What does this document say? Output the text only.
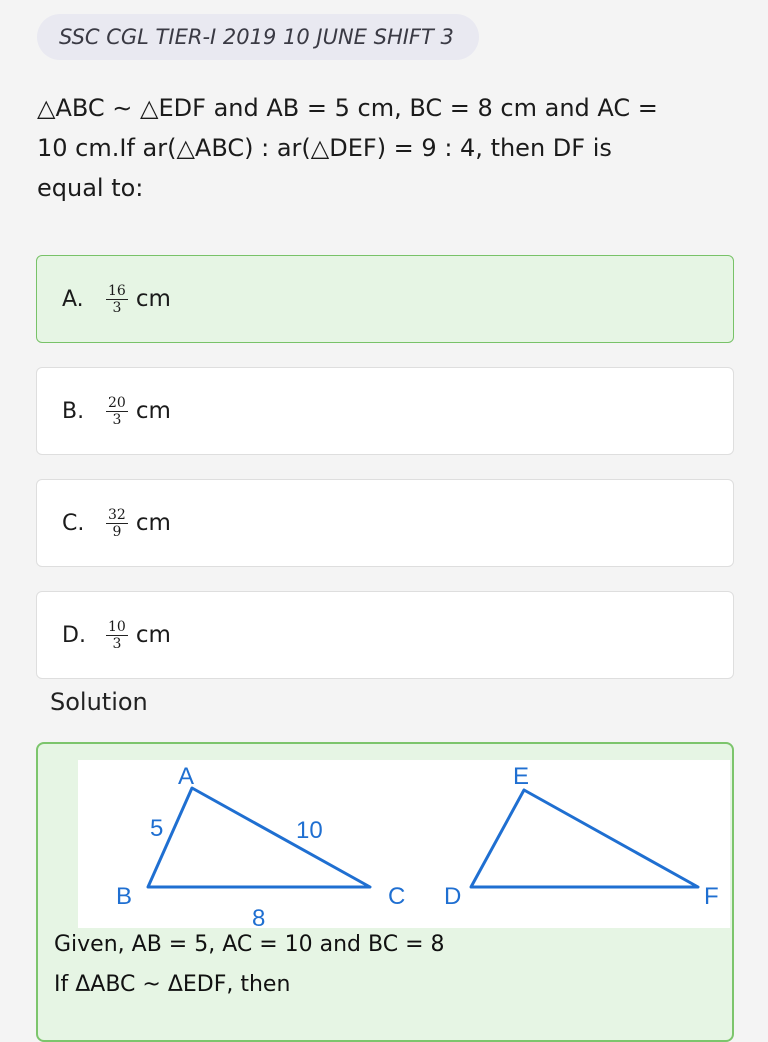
SSC CGL TIER-I 2019 10 JUNE SHIFT 3
△ABC ∼ △EDF and AB = 5 cm, BC = 8 cm and AC =
10 cm.If ar(△ABC) : ar(△DEF) = 9 : 4, then DF is
equal to:
A.	$\frac{16}{3}$ cm
B.	$\frac{20}{3}$ cm
C.	$\frac{32}{9}$ cm
D.	$\frac{10}{3}$ cm
Solution
A
B	C
5	10
8
E
D	F
Given, AB = 5, AC = 10 and BC = 8
If ΔABC ~ ΔEDF, then
